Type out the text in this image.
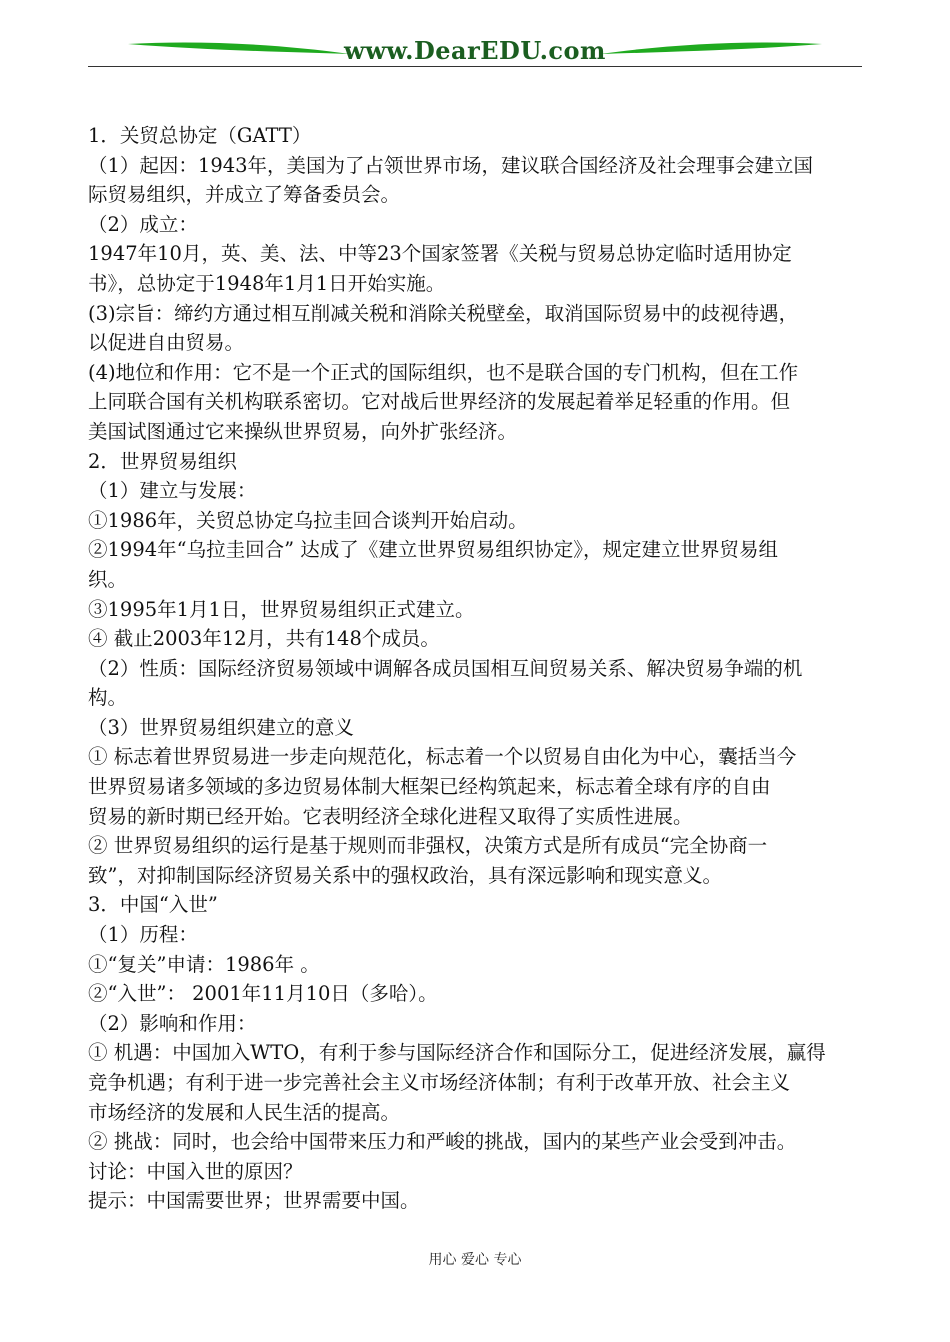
www.DearEDU.com
1．关贸总协定（GATT）
（1）起因：1943年，美国为了占领世界市场，建议联合国经济及社会理事会建立国
际贸易组织，并成立了筹备委员会。
（2）成立：
1947年10月，英、美、法、中等23个国家签署《关税与贸易总协定临时适用协定
书》，总协定于1948年1月1日开始实施。
(3)宗旨：缔约方通过相互削减关税和消除关税壁垒，取消国际贸易中的歧视待遇，
以促进自由贸易。
(4)地位和作用：它不是一个正式的国际组织，也不是联合国的专门机构，但在工作
上同联合国有关机构联系密切。它对战后世界经济的发展起着举足轻重的作用。但
美国试图通过它来操纵世界贸易，向外扩张经济。
2．世界贸易组织
（1）建立与发展：
①1986年，关贸总协定乌拉圭回合谈判开始启动。
②1994年“乌拉圭回合” 达成了《建立世界贸易组织协定》，规定建立世界贸易组
织。
③1995年1月1日，世界贸易组织正式建立。
④ 截止2003年12月，共有148个成员。
（2）性质：国际经济贸易领域中调解各成员国相互间贸易关系、解决贸易争端的机
构。
（3）世界贸易组织建立的意义
① 标志着世界贸易进一步走向规范化，标志着一个以贸易自由化为中心，囊括当今
世界贸易诸多领域的多边贸易体制大框架已经构筑起来，标志着全球有序的自由
贸易的新时期已经开始。它表明经济全球化进程又取得了实质性进展。
② 世界贸易组织的运行是基于规则而非强权，决策方式是所有成员“完全协商一
致”，对抑制国际经济贸易关系中的强权政治，具有深远影响和现实意义。
3．中国“入世”
（1）历程：
①“复关”申请：1986年 。
②“入世”： 2001年11月10日（多哈）。
（2）影响和作用：
① 机遇：中国加入WTO，有利于参与国际经济合作和国际分工，促进经济发展，赢得
竞争机遇；有利于进一步完善社会主义市场经济体制；有利于改革开放、社会主义
市场经济的发展和人民生活的提高。
② 挑战：同时，也会给中国带来压力和严峻的挑战，国内的某些产业会受到冲击。
讨论：中国入世的原因？
提示：中国需要世界；世界需要中国。
用心 爱心 专心
